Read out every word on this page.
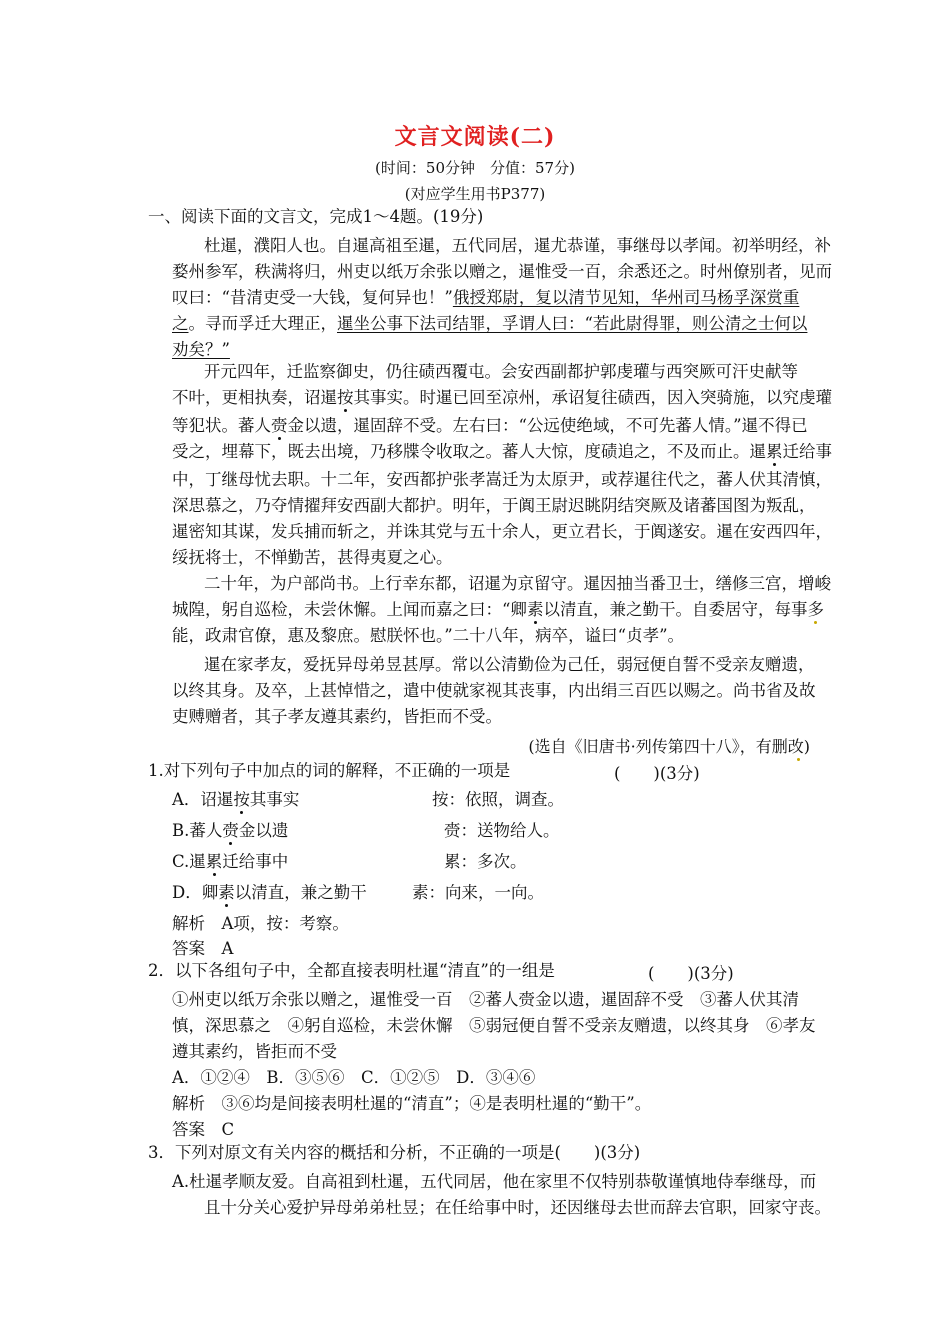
文言文阅读(二)
(时间：50分钟　分值：57分)
(对应学生用书P377)
一、阅读下面的文言文，完成1～4题。(19分)
杜暹，濮阳人也。自暹高祖至暹，五代同居，暹尤恭谨，事继母以孝闻。初举明经，补
婺州参军，秩满将归，州吏以纸万余张以赠之，暹惟受一百，余悉还之。时州僚别者，见而
叹曰：“昔清吏受一大钱，复何异也！”俄授郑尉，复以清节见知，华州司马杨孚深赏重
之。寻而孚迁大理正，暹坐公事下法司结罪，孚谓人曰：“若此尉得罪，则公清之士何以
劝矣？”
开元四年，迁监察御史，仍往碛西覆屯。会安西副都护郭虔瓘与西突厥可汗史献等
不叶，更相执奏，诏暹按其事实。时暹已回至凉州，承诏复往碛西，因入突骑施，以究虔瓘
等犯状。蕃人赍金以遗，暹固辞不受。左右曰：“公远使绝域，不可先蕃人情。”暹不得已
受之，埋幕下，既去出境，乃移牒令收取之。蕃人大惊，度碛追之，不及而止。暹累迁给事
中，丁继母忧去职。十二年，安西都护张孝嵩迁为太原尹，或荐暹往代之，蕃人伏其清慎，
深思慕之，乃夺情擢拜安西副大都护。明年，于阗王尉迟眺阴结突厥及诸蕃国图为叛乱，
暹密知其谋，发兵捕而斩之，并诛其党与五十余人，更立君长，于阗遂安。暹在安西四年，
绥抚将士，不惮勤苦，甚得夷夏之心。
二十年，为户部尚书。上行幸东都，诏暹为京留守。暹因抽当番卫士，缮修三宫，增峻
城隍，躬自巡检，未尝休懈。上闻而嘉之曰：“卿素以清直，兼之勤干。自委居守，每事多
能，政肃官僚，惠及黎庶。慰朕怀也。”二十八年，病卒，谥曰“贞孝”。
暹在家孝友，爱抚异母弟昱甚厚。常以公清勤俭为己任，弱冠便自誓不受亲友赠遗，
以终其身。及卒，上甚悼惜之，遣中使就家视其丧事，内出绢三百匹以赐之。尚书省及故
吏赙赠者，其子孝友遵其素约，皆拒而不受。
(选自《旧唐书·列传第四十八》，有删改)
1.对下列句子中加点的词的解释，不正确的一项是	(　　)(3分)
A．诏暹按其事实	按：依照，调查。
B.蕃人赍金以遗	赍：送物给人。
C.暹累迁给事中	累：多次。
D．卿素以清直，兼之勤干	素：向来，一向。
解析　A项，按：考察。
答案　A
2．以下各组句子中，全都直接表明杜暹“清直”的一组是	(　　)(3分)
①州吏以纸万余张以赠之，暹惟受一百　②蕃人赍金以遗，暹固辞不受　③蕃人伏其清
慎，深思慕之　④躬自巡检，未尝休懈　⑤弱冠便自誓不受亲友赠遗，以终其身　⑥孝友
遵其素约，皆拒而不受
A．①②④　B．③⑤⑥　C．①②⑤　D．③④⑥
解析　③⑥均是间接表明杜暹的“清直”；④是表明杜暹的“勤干”。
答案　C
3．下列对原文有关内容的概括和分析，不正确的一项是(　　)(3分)
A.杜暹孝顺友爱。自高祖到杜暹，五代同居，他在家里不仅特别恭敬谨慎地侍奉继母，而
且十分关心爱护异母弟弟杜昱；在任给事中时，还因继母去世而辞去官职，回家守丧。
